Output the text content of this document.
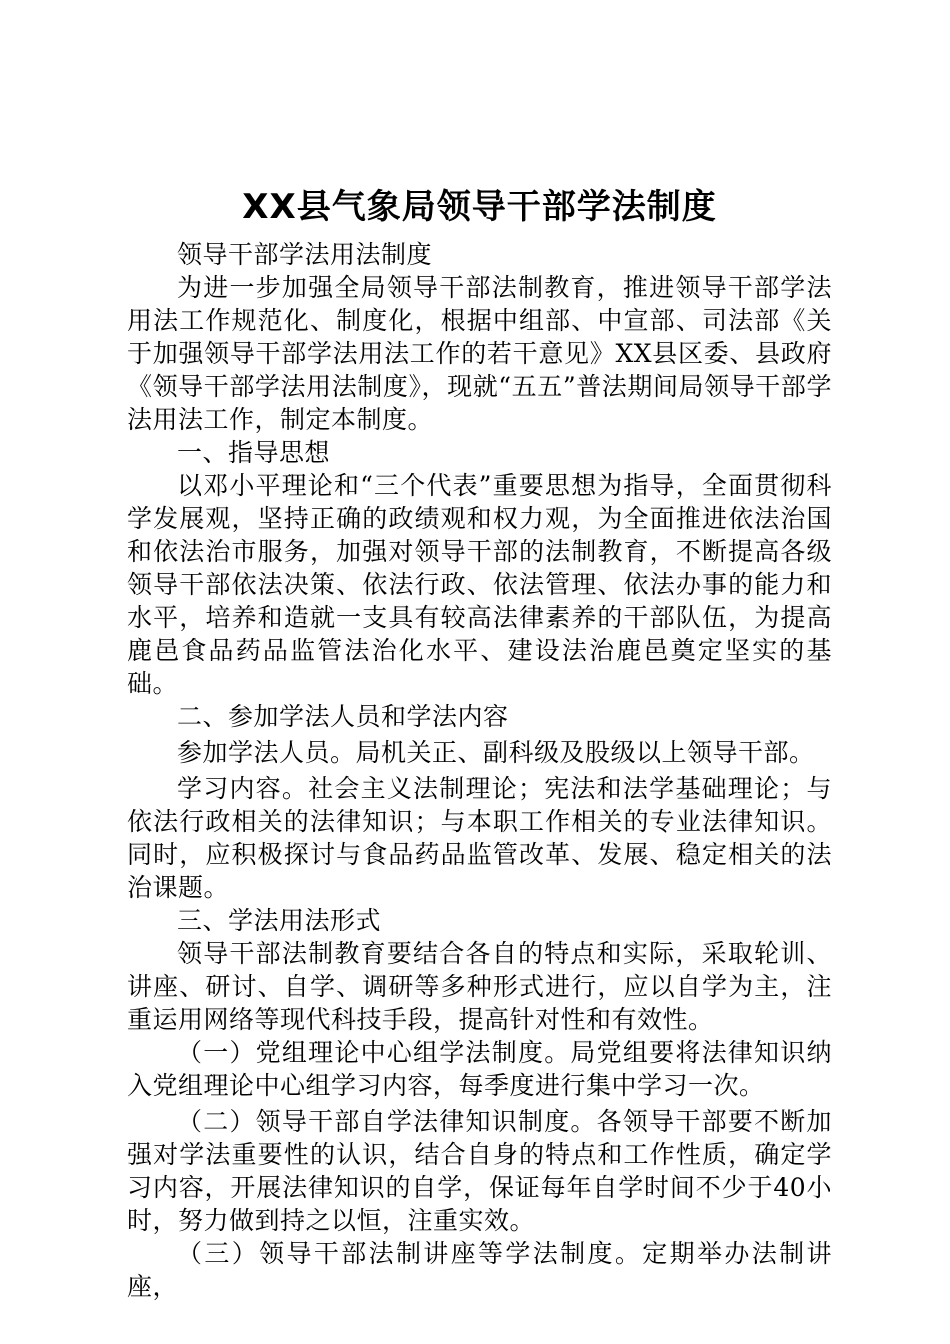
XX县气象局领导干部学法制度

领导干部学法用法制度

为进一步加强全局领导干部法制教育，推进领导干部学法用法工作规范化、制度化，根据中组部、中宣部、司法部《关于加强领导干部学法用法工作的若干意见》XX县区委、县政府《领导干部学法用法制度》，现就“五五”普法期间局领导干部学法用法工作，制定本制度。

一、指导思想

以邓小平理论和“三个代表”重要思想为指导，全面贯彻科学发展观，坚持正确的政绩观和权力观，为全面推进依法治国和依法治市服务，加强对领导干部的法制教育，不断提高各级领导干部依法决策、依法行政、依法管理、依法办事的能力和水平，培养和造就一支具有较高法律素养的干部队伍，为提高鹿邑食品药品监管法治化水平、建设法治鹿邑奠定坚实的基础。

二、参加学法人员和学法内容

参加学法人员。局机关正、副科级及股级以上领导干部。

学习内容。社会主义法制理论；宪法和法学基础理论；与依法行政相关的法律知识；与本职工作相关的专业法律知识。同时，应积极探讨与食品药品监管改革、发展、稳定相关的法治课题。

三、学法用法形式

领导干部法制教育要结合各自的特点和实际，采取轮训、讲座、研讨、自学、调研等多种形式进行，应以自学为主，注重运用网络等现代科技手段，提高针对性和有效性。

（一）党组理论中心组学法制度。局党组要将法律知识纳入党组理论中心组学习内容，每季度进行集中学习一次。

（二）领导干部自学法律知识制度。各领导干部要不断加强对学法重要性的认识，结合自身的特点和工作性质，确定学习内容，开展法律知识的自学，保证每年自学时间不少于40小时，努力做到持之以恒，注重实效。

（三）领导干部法制讲座等学法制度。定期举办法制讲座，
